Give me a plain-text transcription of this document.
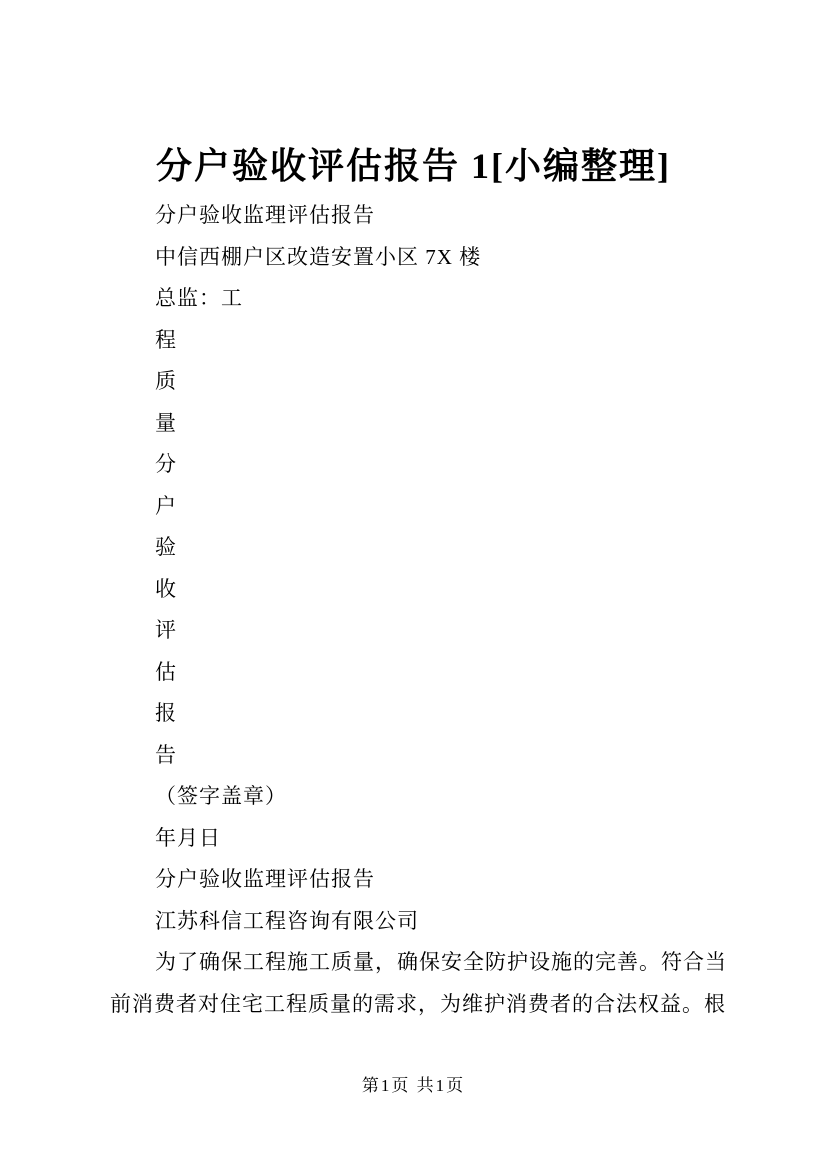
分户验收评估报告 1[小编整理]

分户验收监理评估报告

中信西棚户区改造安置小区 7X 楼

总监：工

程

质

量

分

户

验

收

评

估

报

告

（签字盖章）

年月日

分户验收监理评估报告

江苏科信工程咨询有限公司

为了确保工程施工质量，确保安全防护设施的完善。符合当

前消费者对住宅工程质量的需求，为维护消费者的合法权益。根

第1页 共1页
